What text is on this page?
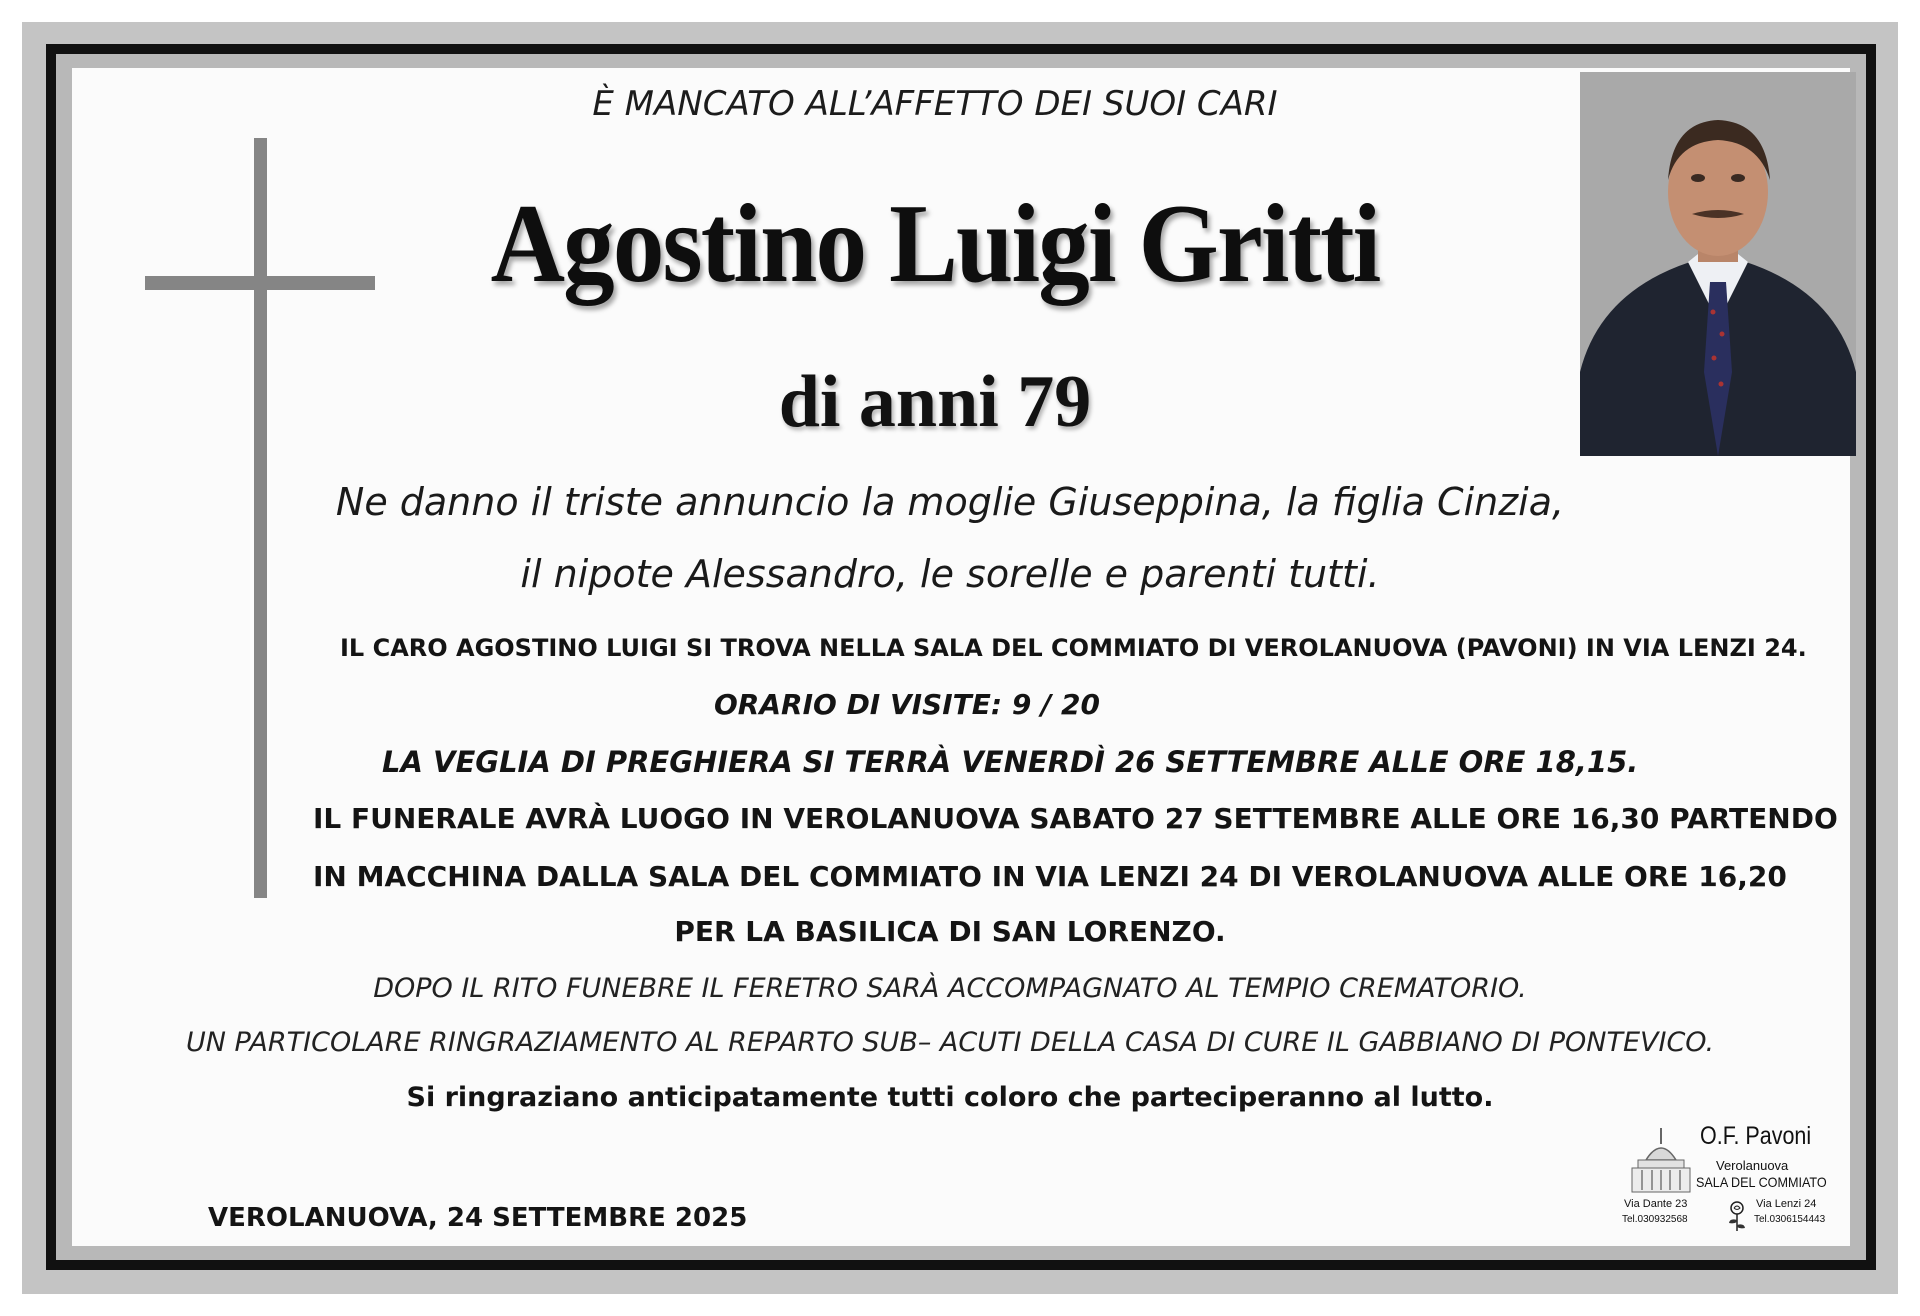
È MANCATO ALL’AFFETTO DEI SUOI CARI
Agostino Luigi Gritti
di anni 79
Ne danno il triste annuncio la moglie Giuseppina, la figlia Cinzia,
il nipote Alessandro, le sorelle e parenti tutti.
IL CARO AGOSTINO LUIGI SI TROVA NELLA SALA DEL COMMIATO DI VEROLANUOVA (PAVONI) IN VIA LENZI 24.
ORARIO DI VISITE: 9 / 20
LA VEGLIA DI PREGHIERA SI TERRÀ VENERDÌ 26 SETTEMBRE ALLE ORE 18,15.
IL FUNERALE AVRÀ LUOGO IN VEROLANUOVA SABATO 27 SETTEMBRE ALLE ORE 16,30 PARTENDO
IN MACCHINA DALLA SALA DEL COMMIATO IN VIA LENZI 24 DI VEROLANUOVA ALLE ORE 16,20
PER LA BASILICA DI SAN LORENZO.
DOPO IL RITO FUNEBRE IL FERETRO SARÀ ACCOMPAGNATO AL TEMPIO CREMATORIO.
UN PARTICOLARE RINGRAZIAMENTO AL REPARTO SUB– ACUTI DELLA CASA DI CURE IL GABBIANO DI PONTEVICO.
Si ringraziano anticipatamente tutti coloro che parteciperanno al lutto.
VEROLANUOVA, 24 SETTEMBRE 2025
O.F. Pavoni
Verolanuova
SALA DEL COMMIATO
Via Dante 23
Tel.030932568
Via Lenzi 24
Tel.0306154443
